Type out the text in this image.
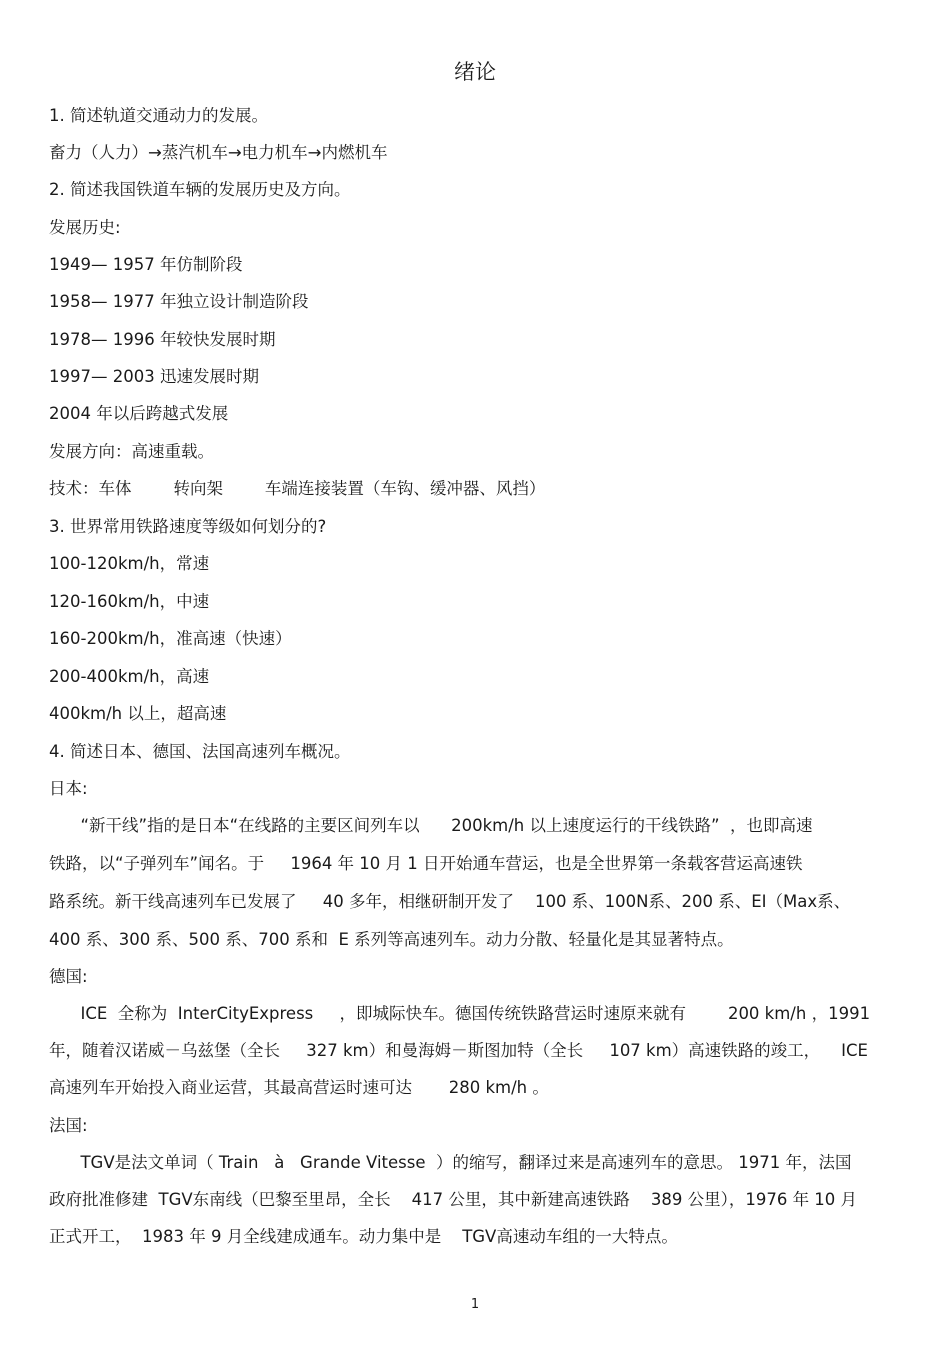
绪论
1. 简述轨道交通动力的发展。
畜力（人力）→蒸汽机车→电力机车→内燃机车
2. 简述我国铁道车辆的发展历史及方向。
发展历史:
1949— 1957 年仿制阶段
1958— 1977 年独立设计制造阶段
1978— 1996 年较快发展时期
1997— 2003 迅速发展时期
2004 年以后跨越式发展
发展方向：高速重载。
技术：车体        转向架        车端连接装置（车钩、缓冲器、风挡）
3. 世界常用铁路速度等级如何划分的?
100-120km/h，常速
120-160km/h，中速
160-200km/h，准高速（快速）
200-400km/h，高速
400km/h 以上，超高速
4. 简述日本、德国、法国高速列车概况。
日本:
“新干线”指的是日本“在线路的主要区间列车以      200km/h 以上速度运行的干线铁路”  ，也即高速
铁路，以“子弹列车”闻名。于     1964 年 10 月 1 日开始通车营运，也是全世界第一条载客营运高速铁
路系统。新干线高速列车已发展了     40 多年，相继研制开发了    100 系、100N系、200 系、EI（Max系、
400 系、300 系、500 系、700 系和  E 系列等高速列车。动力分散、轻量化是其显著特点。
德国:
ICE  全称为  InterCityExpress     ，即城际快车。德国传统铁路营运时速原来就有        200 km/h ，1991
年，随着汉诺威－乌兹堡（全长     327 km）和曼海姆－斯图加特（全长     107 km）高速铁路的竣工，    ICE
高速列车开始投入商业运营，其最高营运时速可达       280 km/h 。
法国:
TGV是法文单词（ Train   à   Grande Vitesse  ）的缩写，翻译过来是高速列车的意思。 1971 年，法国
政府批准修建  TGV东南线（巴黎至里昂，全长    417 公里，其中新建高速铁路    389 公里），1976 年 10 月
正式开工，  1983 年 9 月全线建成通车。动力集中是    TGV高速动车组的一大特点。
1
